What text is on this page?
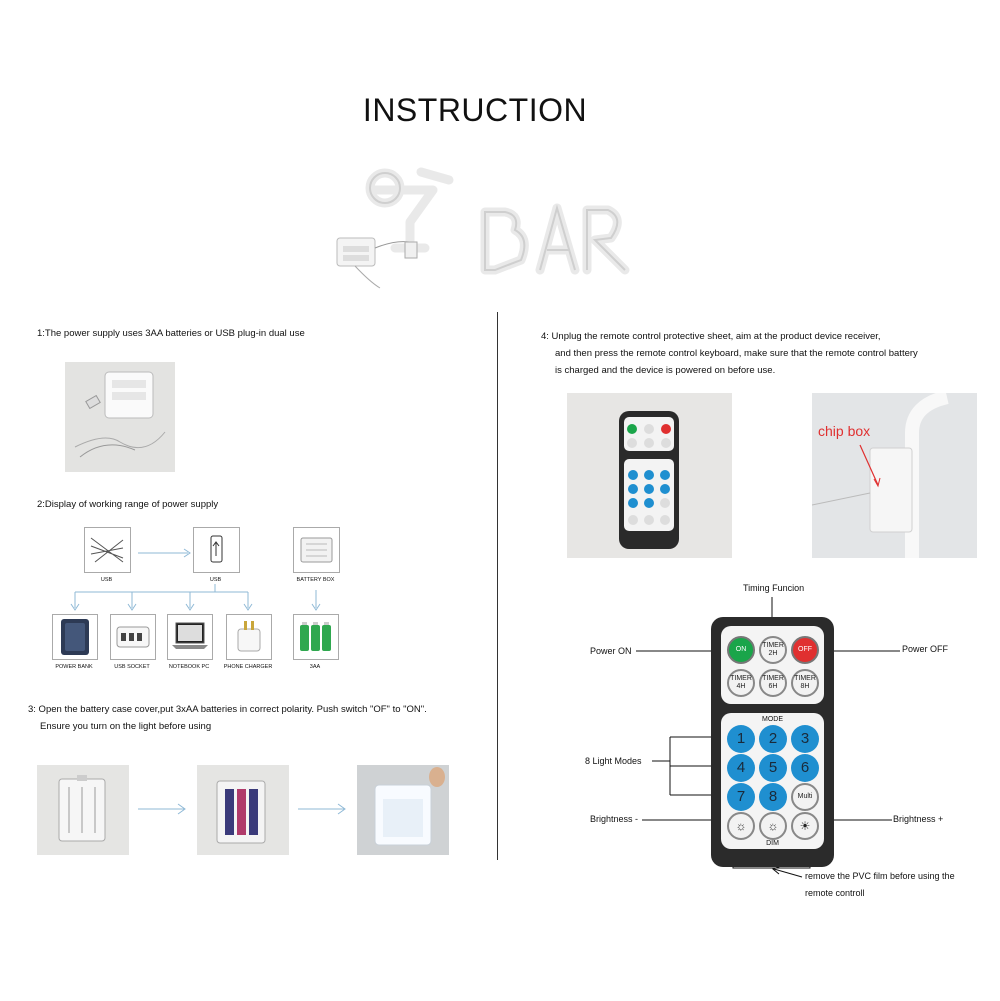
INSTRUCTION
1:The power supply uses 3AA batteries or USB plug-in dual use
2:Display of working range of power supply
USB	USB	BATTERY BOX
POWER BANK	USB SOCKET	NOTEBOOK PC	PHONE CHARGER	3AA
3: Open the battery case cover,put 3xAA batteries in correct polarity. Push switch "OF" to "ON".
Ensure you turn on the light before using
4: Unplug the remote control protective sheet, aim at the product device receiver,
and then press the remote control keyboard, make sure that the remote control battery
is charged and the device is powered on before use.
chip box
Timing Funcion
Power ON	Power OFF
8 Light Modes
Brightness -	Brightness +
remove the PVC film before using the
remote controll
ON
TIMER 2H
OFF
TIMER 4H
TIMER 6H
TIMER 8H
MODE
1	2	3
4	5	6
7	8	Multi
☼ ☼ ☀
DIM
